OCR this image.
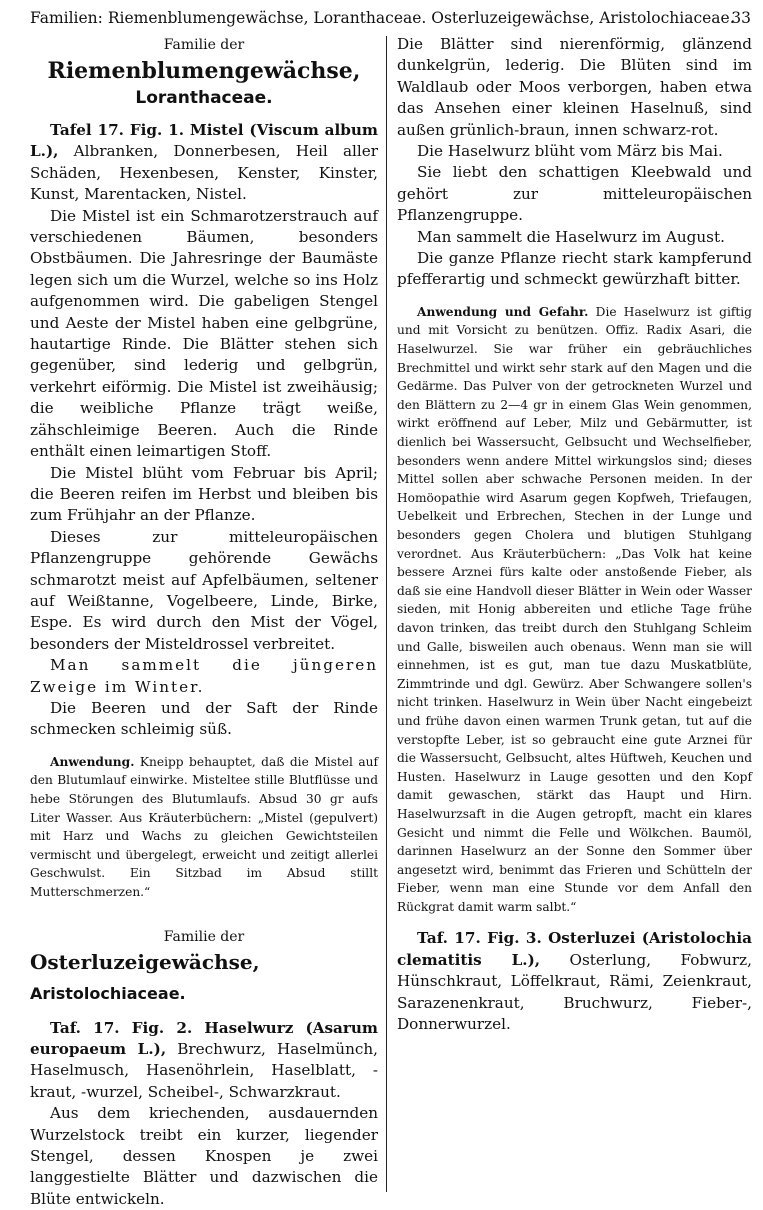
Familien: Riemenblumengewächse, Loranthaceae. Osterluzeigewächse, Aristolochiaceae.
33

Familie der

Riemenblumengewächse,

Loranthaceae.

Tafel 17. Fig. 1. Mistel (Viscum album L.), Albranken, Donnerbesen, Heil aller Schäden, Hexenbesen, Kenster, Kinster, Kunst, Marentacken, Nistel.

Die Mistel ist ein Schmarotzerstrauch auf verschiedenen Bäumen, besonders Obstbäumen. Die Jahresringe der Baumäste legen sich um die Wurzel, welche so ins Holz aufgenommen wird. Die gabeligen Stengel und Aeste der Mistel haben eine gelbgrüne, hautartige Rinde. Die Blätter stehen sich gegenüber, sind lederig und gelbgrün, verkehrt eiförmig. Die Mistel ist zweihäusig; die weibliche Pflanze trägt weiße, zähschleimige Beeren. Auch die Rinde enthält einen leimartigen Stoff.

Die Mistel blüht vom Februar bis April; die Beeren reifen im Herbst und bleiben bis zum Frühjahr an der Pflanze.

Dieses zur mitteleuropäischen Pflanzengruppe gehörende Gewächs schmarotzt meist auf Apfelbäumen, seltener auf Weißtanne, Vogelbeere, Linde, Birke, Espe. Es wird durch den Mist der Vögel, besonders der Misteldrossel verbreitet.

Man sammelt die jüngeren Zweige im Winter.

Die Beeren und der Saft der Rinde schmecken schleimig süß.

Anwendung. Kneipp behauptet, daß die Mistel auf den Blutumlauf einwirke. Misteltee stille Blutflüsse und hebe Störungen des Blutumlaufs. Absud 30 gr aufs Liter Wasser. Aus Kräuterbüchern: „Mistel (gepulvert) mit Harz und Wachs zu gleichen Gewichtsteilen vermischt und übergelegt, erweicht und zeitigt allerlei Geschwulst. Ein Sitzbad im Absud stillt Mutterschmerzen.“

Familie der

Osterluzeigewächse, Aristolochiaceae.

Taf. 17. Fig. 2. Haselwurz (Asarum europaeum L.), Brechwurz, Haselmünch, Haselmusch, Hasenöhrlein, Haselblatt, -kraut, -wurzel, Scheibel-, Schwarzkraut.

Aus dem kriechenden, ausdauernden Wurzelstock treibt ein kurzer, liegender Stengel, dessen Knospen je zwei langgestielte Blätter und dazwischen die Blüte entwickeln.

Die Blätter sind nierenförmig, glänzend dunkelgrün, lederig. Die Blüten sind im Waldlaub oder Moos verborgen, haben etwa das Ansehen einer kleinen Haselnuß, sind außen grünlich-braun, innen schwarz-rot.

Die Haselwurz blüht vom März bis Mai.

Sie liebt den schattigen Kleebwald und gehört zur mitteleuropäischen Pflanzengruppe.

Man sammelt die Haselwurz im August.

Die ganze Pflanze riecht stark kampferund pfefferartig und schmeckt gewürzhaft bitter.

Anwendung und Gefahr. Die Haselwurz ist giftig und mit Vorsicht zu benützen. Offiz. Radix Asari, die Haselwurzel. Sie war früher ein gebräuchliches Brechmittel und wirkt sehr stark auf den Magen und die Gedärme. Das Pulver von der getrockneten Wurzel und den Blättern zu 2—4 gr in einem Glas Wein genommen, wirkt eröffnend auf Leber, Milz und Gebärmutter, ist dienlich bei Wassersucht, Gelbsucht und Wechselfieber, besonders wenn andere Mittel wirkungslos sind; dieses Mittel sollen aber schwache Personen meiden. In der Homöopathie wird Asarum gegen Kopfweh, Triefaugen, Uebelkeit und Erbrechen, Stechen in der Lunge und besonders gegen Cholera und blutigen Stuhlgang verordnet. Aus Kräuterbüchern: „Das Volk hat keine bessere Arznei fürs kalte oder anstoßende Fieber, als daß sie eine Handvoll dieser Blätter in Wein oder Wasser sieden, mit Honig abbereiten und etliche Tage frühe davon trinken, das treibt durch den Stuhlgang Schleim und Galle, bisweilen auch obenaus. Wenn man sie will einnehmen, ist es gut, man tue dazu Muskatblüte, Zimmtrinde und dgl. Gewürz. Aber Schwangere sollen's nicht trinken. Haselwurz in Wein über Nacht eingebeizt und frühe davon einen warmen Trunk getan, tut auf die verstopfte Leber, ist so gebraucht eine gute Arznei für die Wassersucht, Gelbsucht, altes Hüftweh, Keuchen und Husten. Haselwurz in Lauge gesotten und den Kopf damit gewaschen, stärkt das Haupt und Hirn. Haselwurzsaft in die Augen getropft, macht ein klares Gesicht und nimmt die Felle und Wölkchen. Baumöl, darinnen Haselwurz an der Sonne den Sommer über angesetzt wird, benimmt das Frieren und Schütteln der Fieber, wenn man eine Stunde vor dem Anfall den Rückgrat damit warm salbt.“

Taf. 17. Fig. 3. Osterluzei (Aristolochia clematitis L.), Osterlung, Fobwurz, Hünschkraut, Löffelkraut, Rämi, Zeienkraut, Sarazenenkraut, Bruchwurz, Fieber-, Donnerwurzel.
